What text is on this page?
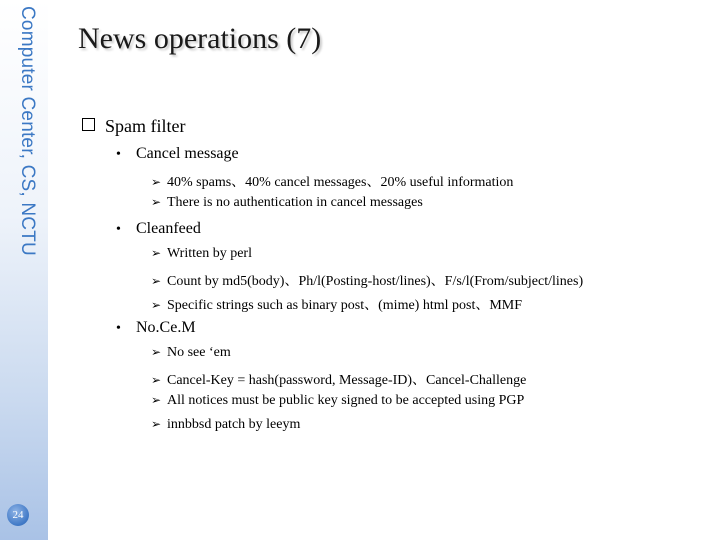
Computer Center, CS, NCTU
24
News operations (7)
Spam filter
• Cancel message
➢ 40% spams、40% cancel messages、20% useful information
➢ There is no authentication in cancel messages
• Cleanfeed
➢ Written by perl
➢ Count by md5(body)、Ph/l(Posting-host/lines)、F/s/l(From/subject/lines)
➢ Specific strings such as binary post、(mime) html post、MMF
• No.Ce.M
➢ No see ‘em
➢ Cancel-Key = hash(password, Message-ID)、Cancel-Challenge
➢ All notices must be public key signed to be accepted using PGP
➢ innbbsd patch by leeym
